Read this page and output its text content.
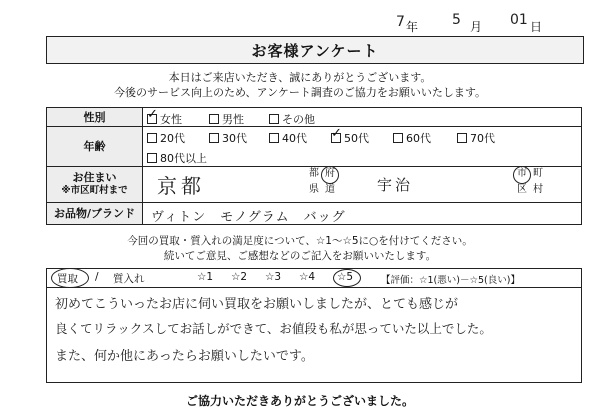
7 年 5 月 01 日
お客様アンケート
本日はご来店いただき、誠にありがとうございます。
今後のサービス向上のため、アンケート調査のご協力をお願いいたします。
性別
年齢
お住まい
※市区町村まで
お品物/ブランド
✓
女性	男性	その他
20代	30代	40代
✓	50代	60代	70代
80代以上
京都
都 府
県 道	宇治
市 町
区 村
ヴィトン　モノグラム　バッグ
今回の買取・質入れの満足度について、☆1〜☆5に○を付けてください。
続いてご意見、ご感想などのご記入をお願いいたします。
買取 / 質入れ	☆1 ☆2 ☆3 ☆4 ☆5	【評価：☆1(悪い)－☆5(良い)】
初めてこういったお店に伺い買取をお願いしましたが、とても感じが
良くてリラックスしてお話しができて、お値段も私が思っていた以上でした。
また、何か他にあったらお願いしたいです。
ご協力いただきありがとうございました。
